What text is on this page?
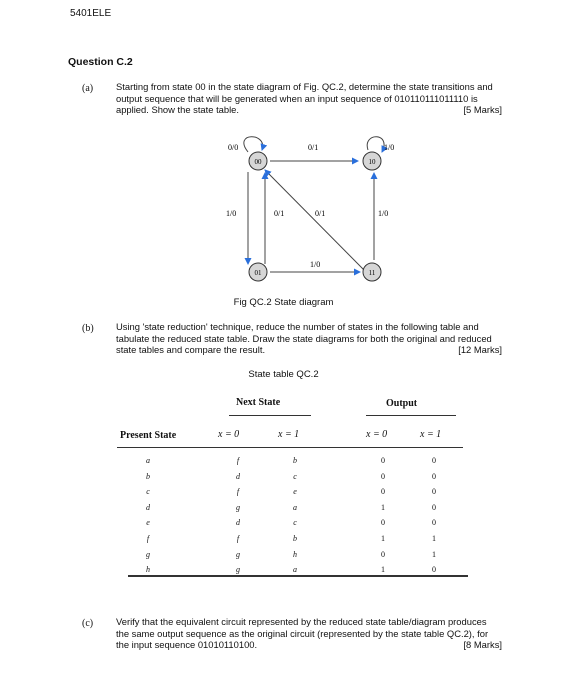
5401ELE
Question C.2
(a) Starting from state 00 in the state diagram of Fig. QC.2, determine the state transitions and output sequence that will be generated when an input sequence of 010110111011110 is applied. Show the state table.	[5 Marks]
00	10
01	11
0/0	0/1	1/0
1/0	0/1	0/1	1/0
1/0
Fig QC.2 State diagram
(b) Using 'state reduction' technique, reduce the number of states in the following table and tabulate the reduced state table. Draw the state diagrams for both the original and reduced state tables and compare the result.	[12 Marks]
State table QC.2
Next State	Output
Present State	x = 0	x = 1	x = 0	x = 1
a	f	b	0	0
b	d	c	0	0
c	f	e	0	0
d	g	a	1	0
e	d	c	0	0
f	f	b	1	1
g	g	h	0	1
h	g	a	1	0
(c) Verify that the equivalent circuit represented by the reduced state table/diagram produces the same output sequence as the original circuit (represented by the state table QC.2), for the input sequence 01010110100.	[8 Marks]
